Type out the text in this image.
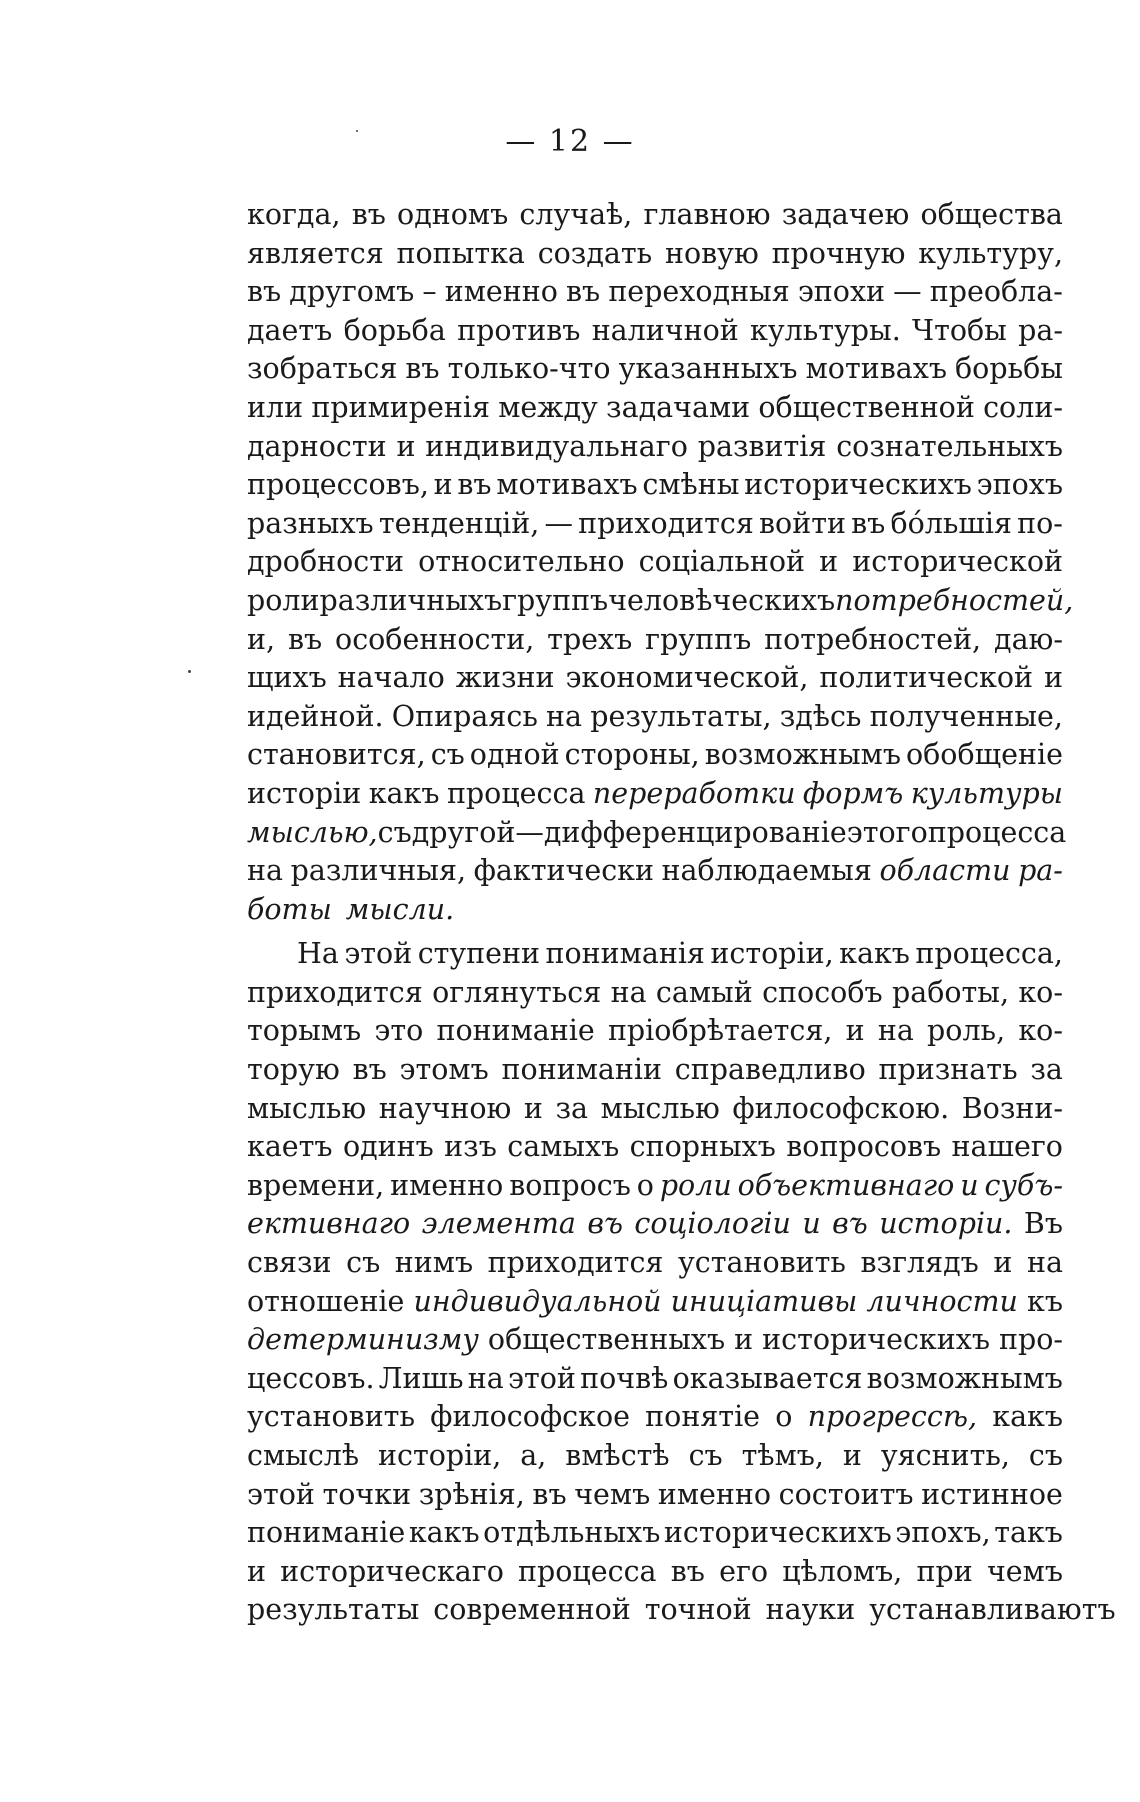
— 12 —
когда, въ одномъ случаѣ, главною задачею общества
является попытка создать новую прочную культуру,
въ другомъ – именно въ переходныя эпохи — преобла-
даетъ борьба противъ наличной культуры. Чтобы ра-
зобраться въ только-что указанныхъ мотивахъ борьбы
или примиренія между задачами общественной соли-
дарности и индивидуальнаго развитія сознательныхъ
процессовъ, и въ мотивахъ смѣны историческихъ эпохъ
разныхъ тенденцій, — приходится войти въ бо́льшія по-
дробности относительно соціальной и исторической
роли различныхъ группъ человѣческихъ потребностей,
и, въ особенности, трехъ группъ потребностей, даю-
щихъ начало жизни экономической, политической и
идейной. Опираясь на результаты, здѣсь полученные,
становится, съ одной стороны, возможнымъ обобщеніе
исторіи какъ процесса переработки формъ культуры
мыслью, съ другой—дифференцированіе этого процесса
на различныя, фактически наблюдаемыя области ра-
боты мысли.
На этой ступени пониманія исторіи, какъ процесса,
приходится оглянуться на самый способъ работы, ко-
торымъ это пониманіе пріобрѣтается, и на роль, ко-
торую въ этомъ пониманіи справедливо признать за
мыслью научною и за мыслью философскою. Возни-
каетъ одинъ изъ самыхъ спорныхъ вопросовъ нашего
времени, именно вопросъ о роли объективнаго и субъ-
ективнаго элемента въ соціологіи и въ исторіи. Въ
связи съ нимъ приходится установить взглядъ и на
отношеніе индивидуальной иниціативы личности къ
детерминизму общественныхъ и историческихъ про-
цессовъ. Лишь на этой почвѣ оказывается возможнымъ
установить философское понятіе о прогрессѣ, какъ
смыслѣ исторіи, а, вмѣстѣ съ тѣмъ, и уяснить, съ
этой точки зрѣнія, въ чемъ именно состоитъ истинное
пониманіе какъ отдѣльныхъ историческихъ эпохъ, такъ
и историческаго процесса въ его цѣломъ, при чемъ
результаты современной точной науки устанавливаютъ
